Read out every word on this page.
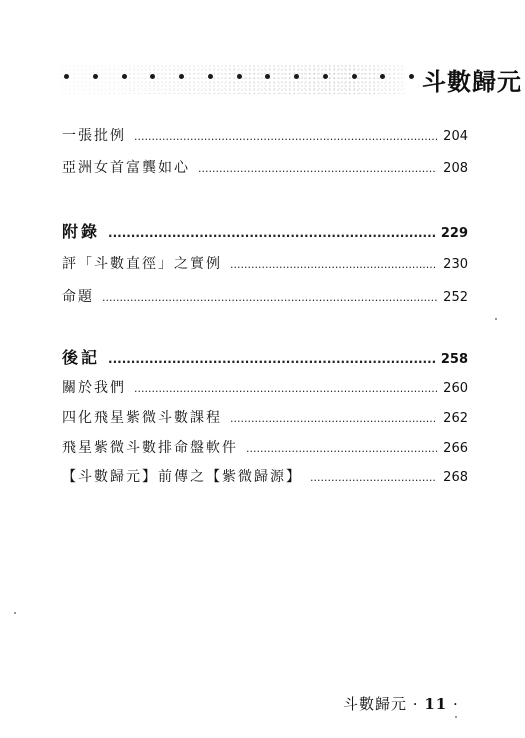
斗數歸元
一張批例 .....	204
亞洲女首富龔如心 .....	208
附錄 .....	229
評「斗數直徑」之實例 .....	230
命題 .....	252
後記 .....	258
關於我們 .....	260
四化飛星紫微斗數課程 .....	262
飛星紫微斗數排命盤軟件 .....	266
【斗數歸元】前傳之【紫微歸源】 .....	268
斗數歸元 · 11 ·
